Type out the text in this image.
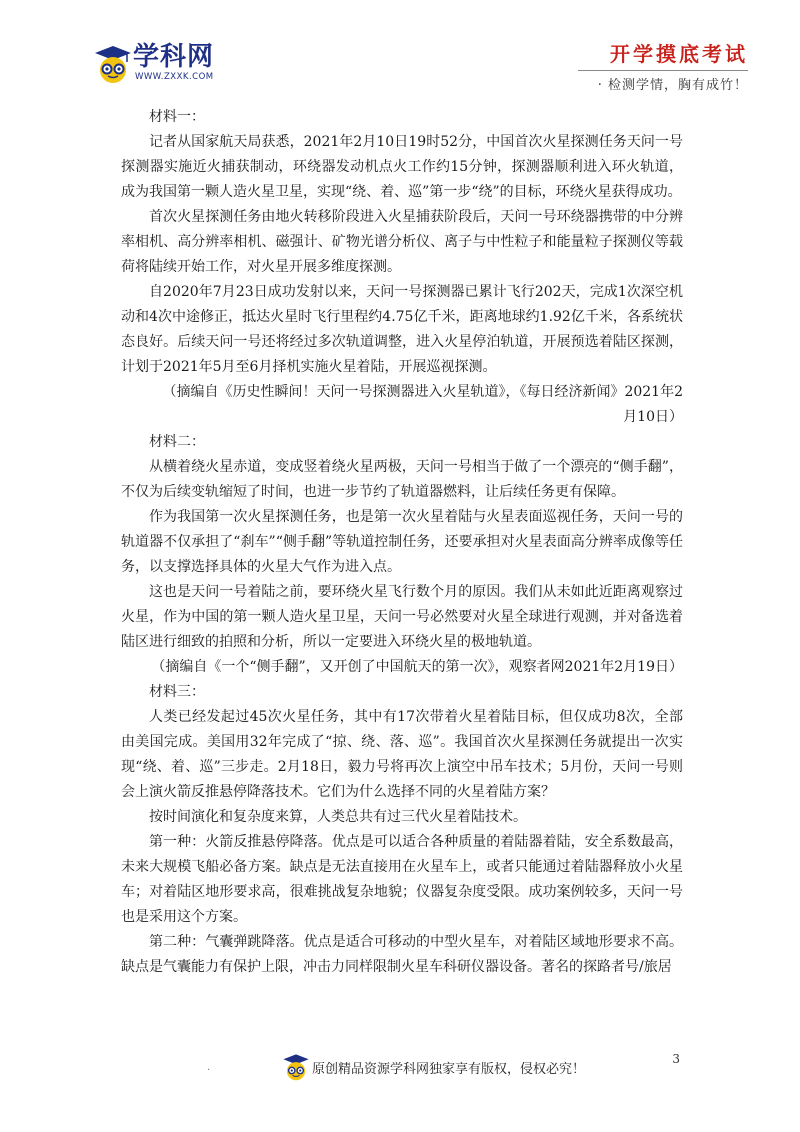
学科网
WWW.ZXXK.COM
开学摸底考试
· 检测学情，胸有成竹！

材料一：

记者从国家航天局获悉，2021年2月10日19时52分，中国首次火星探测任务天问一号探测器实施近火捕获制动，环绕器发动机点火工作约15分钟，探测器顺利进入环火轨道，成为我国第一颗人造火星卫星，实现“绕、着、巡”第一步“绕”的目标，环绕火星获得成功。

首次火星探测任务由地火转移阶段进入火星捕获阶段后，天问一号环绕器携带的中分辨率相机、高分辨率相机、磁强计、矿物光谱分析仪、离子与中性粒子和能量粒子探测仪等载荷将陆续开始工作，对火星开展多维度探测。

自2020年7月23日成功发射以来，天问一号探测器已累计飞行202天，完成1次深空机动和4次中途修正，抵达火星时飞行里程约4.75亿千米，距离地球约1.92亿千米，各系统状态良好。后续天问一号还将经过多次轨道调整，进入火星停泊轨道，开展预选着陆区探测，计划于2021年5月至6月择机实施火星着陆，开展巡视探测。

（摘编自《历史性瞬间！天问一号探测器进入火星轨道》，《每日经济新闻》2021年2月10日）

材料二：

从横着绕火星赤道，变成竖着绕火星两极，天问一号相当于做了一个漂亮的“侧手翻”，不仅为后续变轨缩短了时间，也进一步节约了轨道器燃料，让后续任务更有保障。

作为我国第一次火星探测任务，也是第一次火星着陆与火星表面巡视任务，天问一号的轨道器不仅承担了“刹车”“侧手翻”等轨道控制任务，还要承担对火星表面高分辨率成像等任务，以支撑选择具体的火星大气作为进入点。

这也是天问一号着陆之前，要环绕火星飞行数个月的原因。我们从未如此近距离观察过火星，作为中国的第一颗人造火星卫星，天问一号必然要对火星全球进行观测，并对备选着陆区进行细致的拍照和分析，所以一定要进入环绕火星的极地轨道。

（摘编自《一个“侧手翻”，又开创了中国航天的第一次》，观察者网2021年2月19日）

材料三：

人类已经发起过45次火星任务，其中有17次带着火星着陆目标，但仅成功8次，全部由美国完成。美国用32年完成了“掠、绕、落、巡”。我国首次火星探测任务就提出一次实现“绕、着、巡”三步走。2月18日，毅力号将再次上演空中吊车技术；5月份，天问一号则会上演火箭反推悬停降落技术。它们为什么选择不同的火星着陆方案？

按时间演化和复杂度来算，人类总共有过三代火星着陆技术。

第一种：火箭反推悬停降落。优点是可以适合各种质量的着陆器着陆，安全系数最高，未来大规模飞船必备方案。缺点是无法直接用在火星车上，或者只能通过着陆器释放小火星车；对着陆区地形要求高，很难挑战复杂地貌；仪器复杂度受限。成功案例较多，天问一号也是采用这个方案。

第二种：气囊弹跳降落。优点是适合可移动的中型火星车，对着陆区域地形要求不高。缺点是气囊能力有保护上限，冲击力同样限制火星车科研仪器设备。著名的探路者号/旅居

.	原创精品资源学科网独家享有版权，侵权必究！
3
